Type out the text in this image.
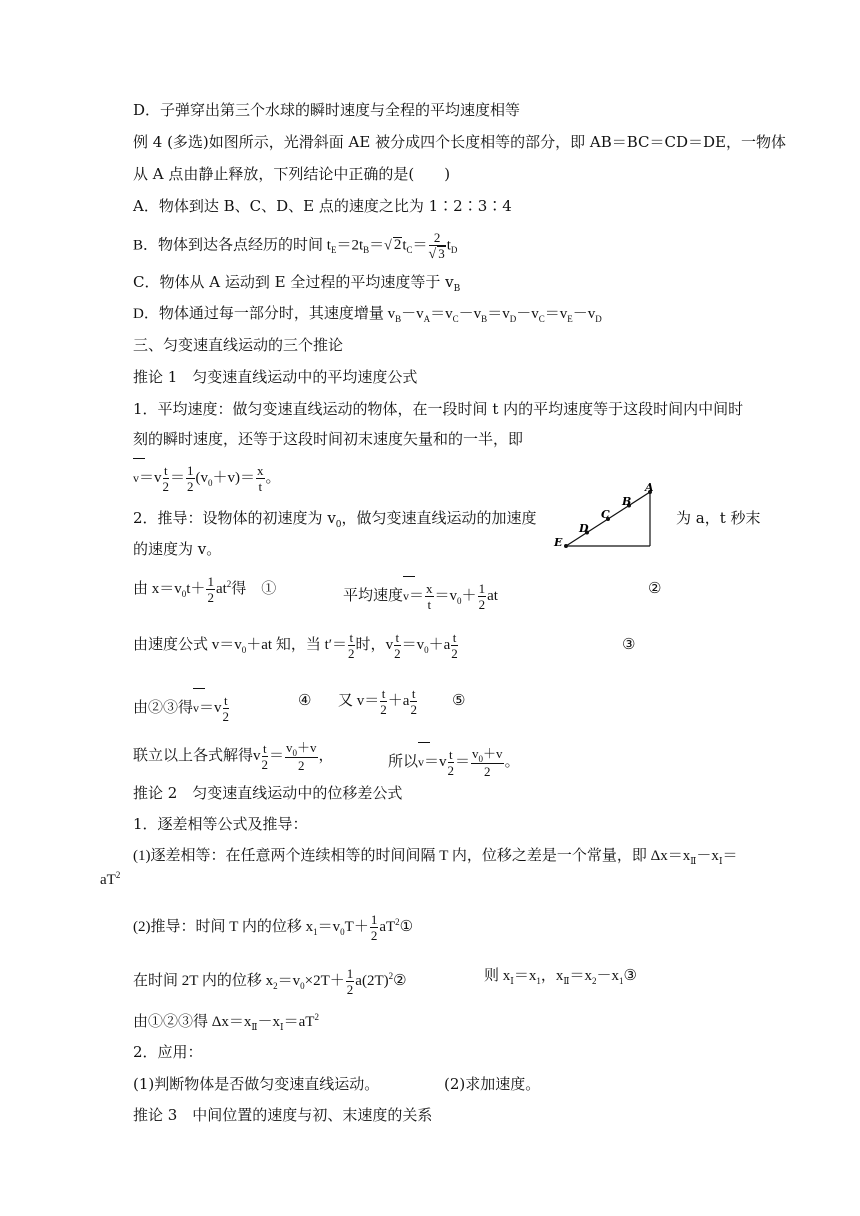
D．子弹穿出第三个水球的瞬时速度与全程的平均速度相等
例 4 (多选)如图所示，光滑斜面 AE 被分成四个长度相等的部分，即 AB＝BC＝CD＝DE，一物体
从 A 点由静止释放，下列结论中正确的是(　　)
A．物体到达 B、C、D、E 点的速度之比为 1∶2∶3∶4
B．物体到达各点经历的时间 $t_E=2t_B=√$ $2t_C= \frac{2}{√ 3} t_D$
C．物体从 A 运动到 E 全过程的平均速度等于 $v_B$
D．物体通过每一部分时，其速度增量 $v_B-v_A=v_C-v_B=v_D-v_C=v_E-v_D$
三、匀变速直线运动的三个推论
推论 1　匀变速直线运动中的平均速度公式
1．平均速度：做匀变速直线运动的物体，在一段时间 t 内的平均速度等于这段时间内中间时
刻的瞬时速度，还等于这段时间初末速度矢量和的一半，即
$v=v \frac{t}{2} = \frac{1}{2} (v_0+v)= \frac{x}{t}$ 。
2．推导：设物体的初速度为 $v_0$，做匀变速直线运动的加速度	为 a，t 秒末
的速度为 v。
A
B
C
D
E
由 $x=v_0t+ \frac{1}{2} at^2$得　①	平均速度$v= \frac{x}{t} =v_0+ \frac{1}{2}$ at	②
由速度公式 $v=v_0+at$ 知，当 $t'= \frac{t}{2}$ 时，v $\frac{t}{2} =v_0+a \frac{t}{2}$	③
由②③得$v=v \frac{t}{2}$	④ 又 $v= \frac{t}{2} +a \frac{t}{2}$ ⑤
联立以上各式解得v $\frac{t}{2} = \frac{v_0+v}{2}$ ，	所以$v=v \frac{t}{2} = \frac{v_0+v}{2}$ 。
推论 2　匀变速直线运动中的位移差公式
1．逐差相等公式及推导：
(1)逐差相等：在任意两个连续相等的时间间隔 T 内，位移之差是一个常量，即 $\Delta x=x_Ⅱ-x_Ⅰ=$
$aT^2$
(2)推导：时间 T 内的位移 $x_1=v_0T+ \frac{1}{2}$ $aT^2①$
在时间 2T 内的位移 $x_2=v_0\times 2T+ \frac{1}{2}$ $a(2T)^2②$	则 $x_Ⅰ=x_1$，$x_Ⅱ=x_2-x_1③$
由①②③得 $\Delta x=x_Ⅱ-x_Ⅰ=aT^2$
2．应用：
(1)判断物体是否做匀变速直线运动。	(2)求加速度。
推论 3　中间位置的速度与初、末速度的关系
